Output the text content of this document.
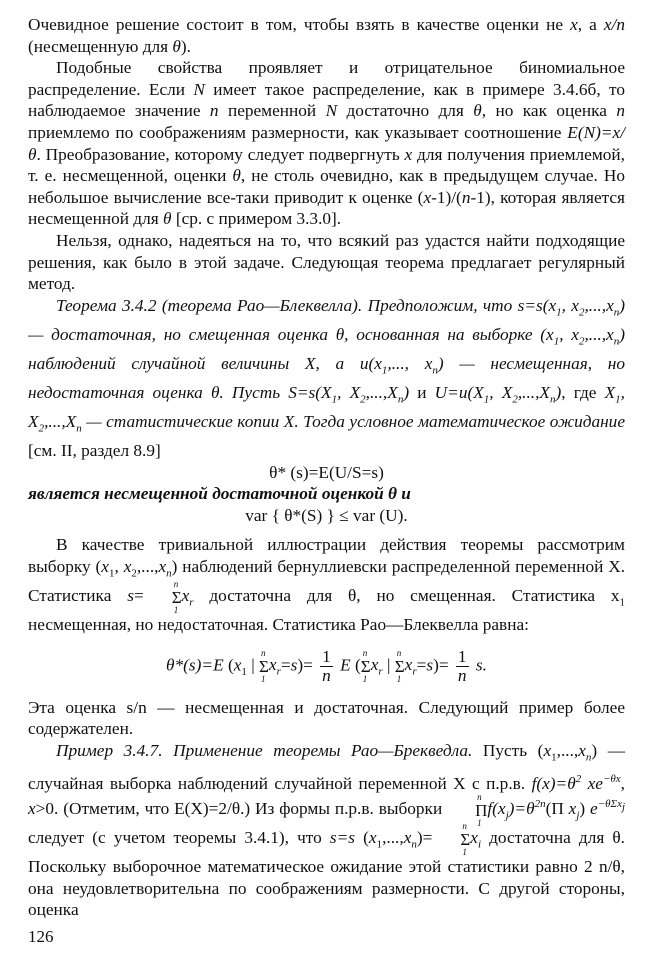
Очевидное решение состоит в том, чтобы взять в качестве оценки не x, а x/n (несмещенную для θ).

Подобные свойства проявляет и отрицательное биномиальное распределение. Если N имеет такое распределение, как в примере 3.4.6б, то наблюдаемое значение n переменной N достаточно для θ, но как оценка n приемлемо по соображениям размерности, как указывает соотношение E(N)=x/θ. Преобразование, которому следует подвергнуть x для получения приемлемой, т. е. несмещенной, оценки θ, не столь очевидно, как в предыдущем случае. Но небольшое вычисление все-таки приводит к оценке (x-1)/(n-1), которая является несмещенной для θ [ср. с примером 3.3.0].

Нельзя, однако, надеяться на то, что всякий раз удастся найти подходящие решения, как было в этой задаче. Следующая теорема предлагает регулярный метод.

Теорема 3.4.2 (теорема Рао—Блеквелла). Предположим, что $s=s(x_1$, $x_2,...,x_n$) — достаточная, но смещенная оценка θ, основанная на выборке ($x_1$, $x_2,...,x_n$) наблюдений случайной величины X, а $u(x_1$,..., $x_n$) — несмещенная, но недостаточная оценка θ. Пусть $S=s(X_1$, $X_2,...,X_n$) и $U=u(X_1$, $X_2,...,X_n$), где $X_1$, $X_2,...,X_n$ — статистические копии X. Тогда условное математическое ожидание [см. II, раздел 8.9]

θ* (s)=E(U/S=s)

является несмещенной достаточной оценкой θ и

var { θ*(S) } ≤ var (U).

В качестве тривиальной иллюстрации действия теоремы рассмотрим выборку ($x_1$, $x_2,...,x_n$) наблюдений бернуллиевски распределенной переменной X. Статистика s= Σ
n
1
$x_r$ достаточна для θ, но смещенная. Статистика $x_1$ несмещенная, но недостаточная. Статистика Рао—Блеквелла равна:

θ*(s)=E ($x_1$ | Σ
n
1
$x_r=s)= \frac{1}{n}$ E (Σ
n
1
$x_r$ | Σ
n
1
$x_r=s)= \frac{1}{n} s$.

Эта оценка s/n — несмещенная и достаточная. Следующий пример более содержателен.

Пример 3.4.7. Применение теоремы Рао—Брекведла. Пусть $(x_1,...,x_n)$ — случайная выборка наблюдений случайной переменной X с п.р.в. $f(x)=\theta^2$ $xe^{-\theta x}$, x>0. (Отметим, что E(X)=2/θ.) Из формы п.р.в. выборки Π
n
1
$f(x_j)=\theta^{2n}(\Pi$ $x_j$) $e^{-\theta\Sigma x_j}$ следует (с учетом теоремы 3.4.1), что s=s $(x_1,...,x_n)= \Sigma$
n
1
$x_i$ достаточна для θ. Поскольку выборочное математическое ожидание этой статистики равно 2 n/θ, она неудовлетворительна по соображениям размерности. С другой стороны, оценка

126
